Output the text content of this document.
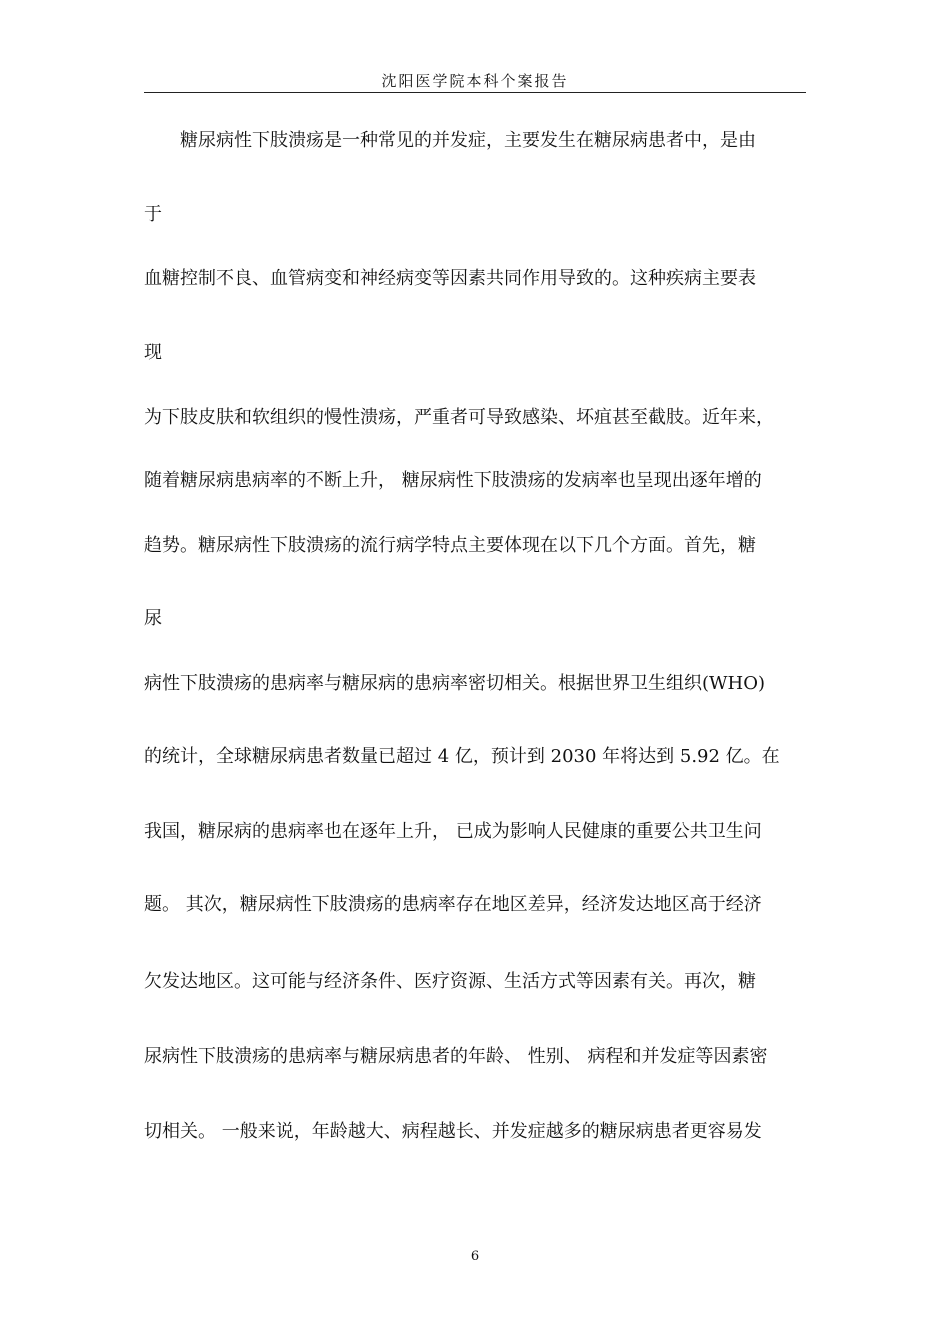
沈阳医学院本科个案报告
　　糖尿病性下肢溃疡是一种常见的并发症，主要发生在糖尿病患者中，是由
于
血糖控制不良、血管病变和神经病变等因素共同作用导致的。这种疾病主要表
现
为下肢皮肤和软组织的慢性溃疡，严重者可导致感染、坏疽甚至截肢。近年来，
随着糖尿病患病率的不断上升， 糖尿病性下肢溃疡的发病率也呈现出逐年增的
趋势。糖尿病性下肢溃疡的流行病学特点主要体现在以下几个方面。首先，糖
尿
病性下肢溃疡的患病率与糖尿病的患病率密切相关。根据世界卫生组织(WHO)
的统计，全球糖尿病患者数量已超过 4 亿，预计到 2030 年将达到 5.92 亿。在
我国，糖尿病的患病率也在逐年上升， 已成为影响人民健康的重要公共卫生问
题。 其次，糖尿病性下肢溃疡的患病率存在地区差异，经济发达地区高于经济
欠发达地区。这可能与经济条件、医疗资源、生活方式等因素有关。再次，糖
尿病性下肢溃疡的患病率与糖尿病患者的年龄、 性别、 病程和并发症等因素密
切相关。 一般来说，年龄越大、病程越长、并发症越多的糖尿病患者更容易发
6
